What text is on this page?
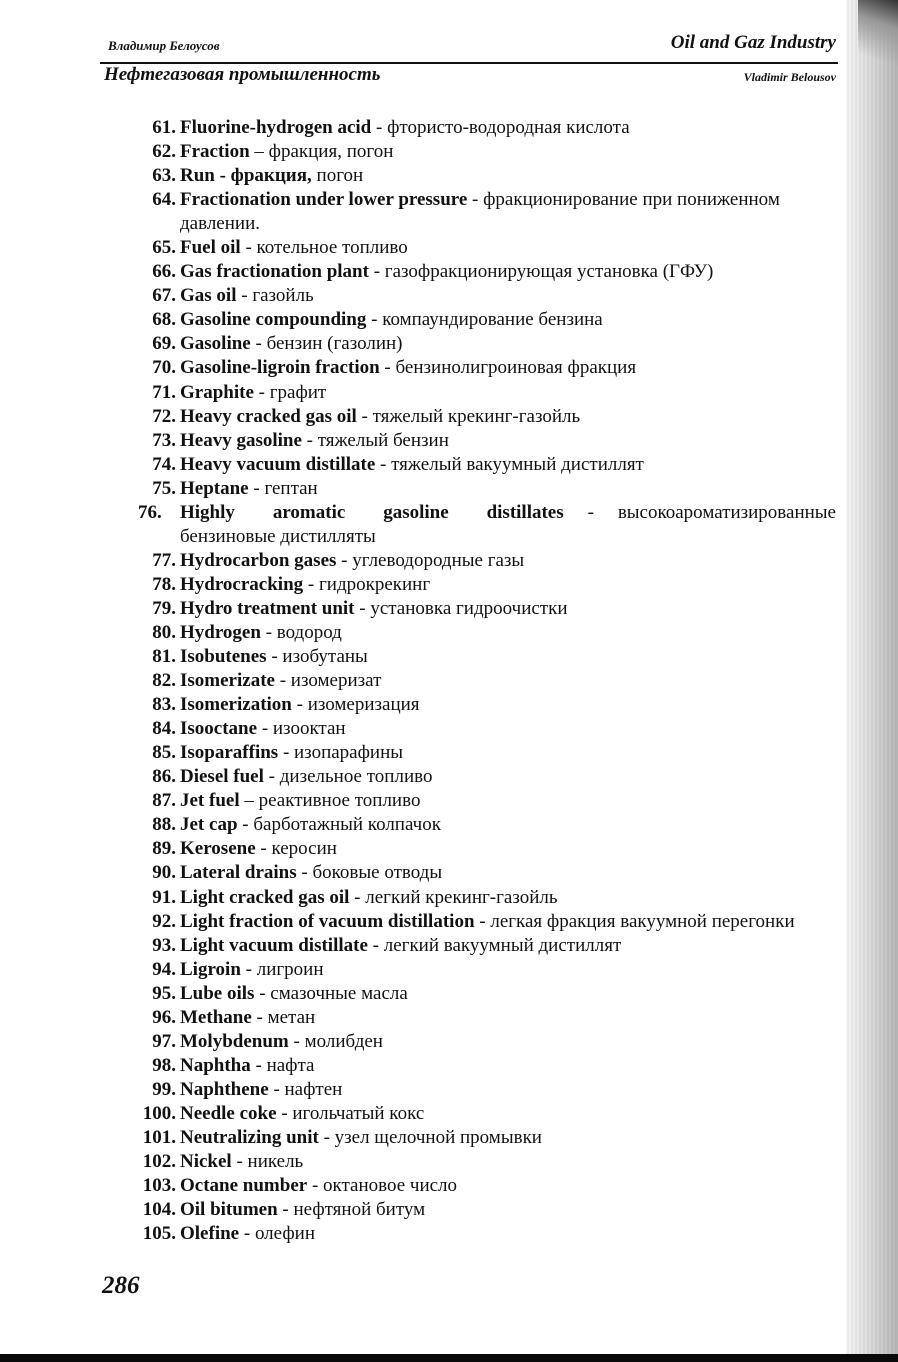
Владимир Белоусов	Oil and Gaz Industry
Нефтегазовая промышленность	Vladimir Belousov
61. Fluorine-hydrogen acid - фтористо-водородная кислота
62. Fraction – фракция, погон
63. Run - фракция, погон
64. Fractionation under lower pressure - фракционирование при пониженном давлении.
65. Fuel oil - котельное топливо
66. Gas fractionation plant - газофракционирующая установка (ГФУ)
67. Gas oil - газойль
68. Gasoline compounding - компаундирование бензина
69. Gasoline - бензин (газолин)
70. Gasoline-ligroin fraction - бензинолигроиновая фракция
71. Graphite - графит
72. Heavy cracked gas oil - тяжелый крекинг-газойль
73. Heavy gasoline - тяжелый бензин
74. Heavy vacuum distillate - тяжелый вакуумный дистиллят
75. Heptane - гептан
76. Highly aromatic gasoline distillates - высокоароматизированные бензиновые дистилляты
77. Hydrocarbon gases - углеводородные газы
78. Hydrocracking - гидрокрекинг
79. Hydro treatment unit - установка гидроочистки
80. Hydrogen - водород
81. Isobutenes - изобутаны
82. Isomerizate - изомеризат
83. Isomerization - изомеризация
84. Isooctane - изооктан
85. Isoparaffins - изопарафины
86. Diesel fuel - дизельное топливо
87. Jet fuel – реактивное топливо
88. Jet cap - барботажный колпачок
89. Kerosene - керосин
90. Lateral drains - боковые отводы
91. Light cracked gas oil - легкий крекинг-газойль
92. Light fraction of vacuum distillation - легкая фракция вакуумной перегонки
93. Light vacuum distillate - легкий вакуумный дистиллят
94. Ligroin - лигроин
95. Lube oils - смазочные масла
96. Methane - метан
97. Molybdenum - молибден
98. Naphtha - нафта
99. Naphthene - нафтен
100. Needle coke - игольчатый кокс
101. Neutralizing unit - узел щелочной промывки
102. Nickel - никель
103. Octane number - октановое число
104. Oil bitumen - нефтяной битум
105. Olefine - олефин
286
